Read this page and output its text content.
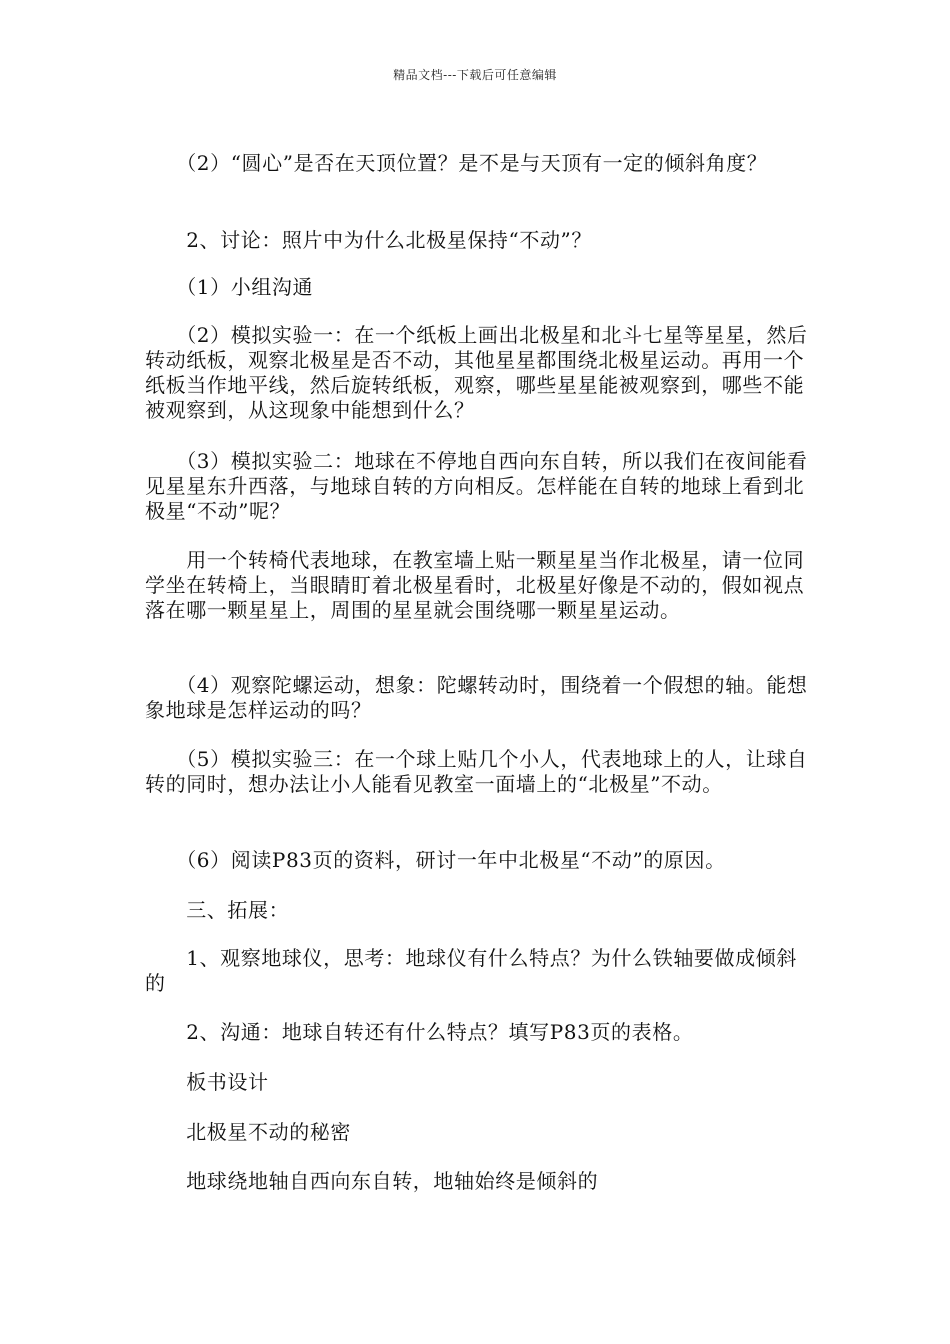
精品文档---下载后可任意编辑

　　（2）“圆心”是否在天顶位置？是不是与天顶有一定的倾斜角度？

　　2、讨论：照片中为什么北极星保持“不动”？

　　（1）小组沟通

　　（2）模拟实验一：在一个纸板上画出北极星和北斗七星等星星，然后转动纸板，观察北极星是否不动，其他星星都围绕北极星运动。再用一个纸板当作地平线，然后旋转纸板，观察，哪些星星能被观察到，哪些不能被观察到，从这现象中能想到什么？

　　（3）模拟实验二：地球在不停地自西向东自转，所以我们在夜间能看见星星东升西落，与地球自转的方向相反。怎样能在自转的地球上看到北极星“不动”呢？

　　用一个转椅代表地球，在教室墙上贴一颗星星当作北极星，请一位同学坐在转椅上，当眼睛盯着北极星看时，北极星好像是不动的，假如视点落在哪一颗星星上，周围的星星就会围绕哪一颗星星运动。

　　（4）观察陀螺运动，想象：陀螺转动时，围绕着一个假想的轴。能想象地球是怎样运动的吗？

　　（5）模拟实验三：在一个球上贴几个小人，代表地球上的人，让球自转的同时，想办法让小人能看见教室一面墙上的“北极星”不动。

　　（6）阅读P83页的资料，研讨一年中北极星“不动”的原因。

　　三、拓展：

　　1、观察地球仪，思考：地球仪有什么特点？为什么铁轴要做成倾斜的

　　2、沟通：地球自转还有什么特点？填写P83页的表格。

　　板书设计

　　北极星不动的秘密

　　地球绕地轴自西向东自转，地轴始终是倾斜的
